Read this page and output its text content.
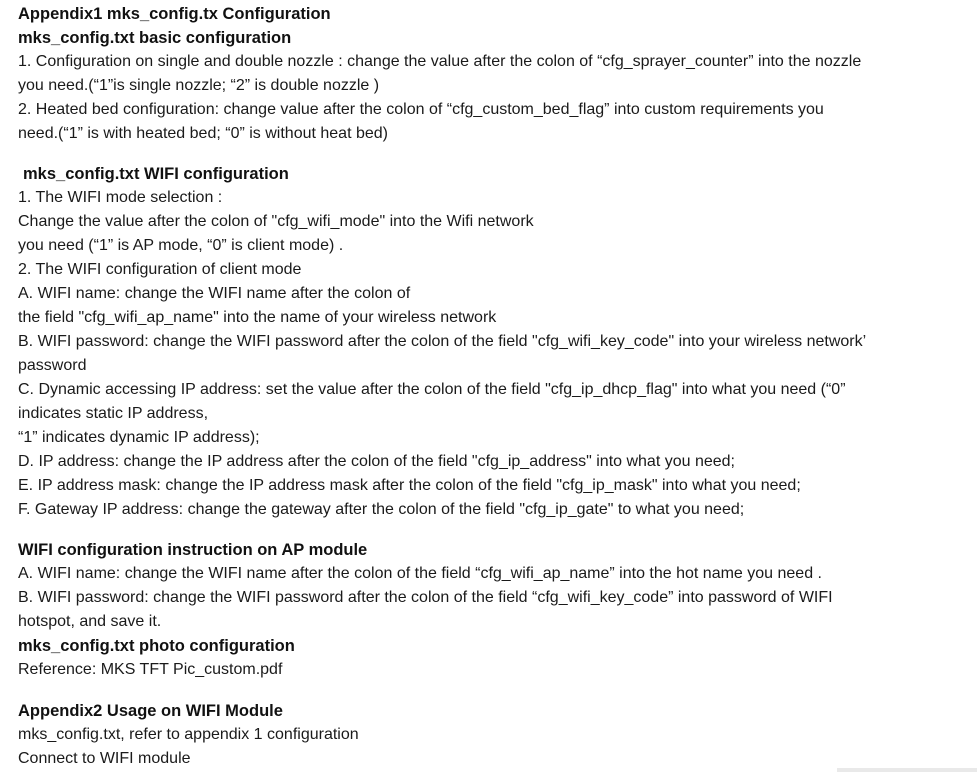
Appendix1 mks_config.tx Configuration
mks_config.txt basic configuration
1. Configuration on single and double nozzle : change the value after the colon of “cfg_sprayer_counter” into the nozzle
you need.(“1”is single nozzle; “2” is double nozzle )
2. Heated bed configuration: change value after the colon of “cfg_custom_bed_flag” into custom requirements you
need.(“1” is with heated bed; “0” is without heat bed)
mks_config.txt WIFI configuration
1. The WIFI mode selection :
Change the value after the colon of "cfg_wifi_mode" into the Wifi network
you need (“1” is AP mode, “0” is client mode) .
2. The WIFI configuration of client mode
A. WIFI name: change the WIFI name after the colon of
the field "cfg_wifi_ap_name" into the name of your wireless network
B. WIFI password: change the WIFI password after the colon of the field "cfg_wifi_key_code" into your wireless network’
password
C. Dynamic accessing IP address: set the value after the colon of the field "cfg_ip_dhcp_flag" into what you need (“0”
indicates static IP address,
“1” indicates dynamic IP address);
D. IP address: change the IP address after the colon of the field "cfg_ip_address" into what you need;
E. IP address mask: change the IP address mask after the colon of the field "cfg_ip_mask" into what you need;
F. Gateway IP address: change the gateway after the colon of the field "cfg_ip_gate" to what you need;
WIFI configuration instruction on AP module
A. WIFI name: change the WIFI name after the colon of the field “cfg_wifi_ap_name” into the hot name you need .
B. WIFI password: change the WIFI password after the colon of the field “cfg_wifi_key_code” into password of WIFI
hotspot, and save it.
mks_config.txt photo configuration
Reference: MKS TFT Pic_custom.pdf
Appendix2 Usage on WIFI Module
mks_config.txt, refer to appendix 1 configuration
Connect to WIFI module
